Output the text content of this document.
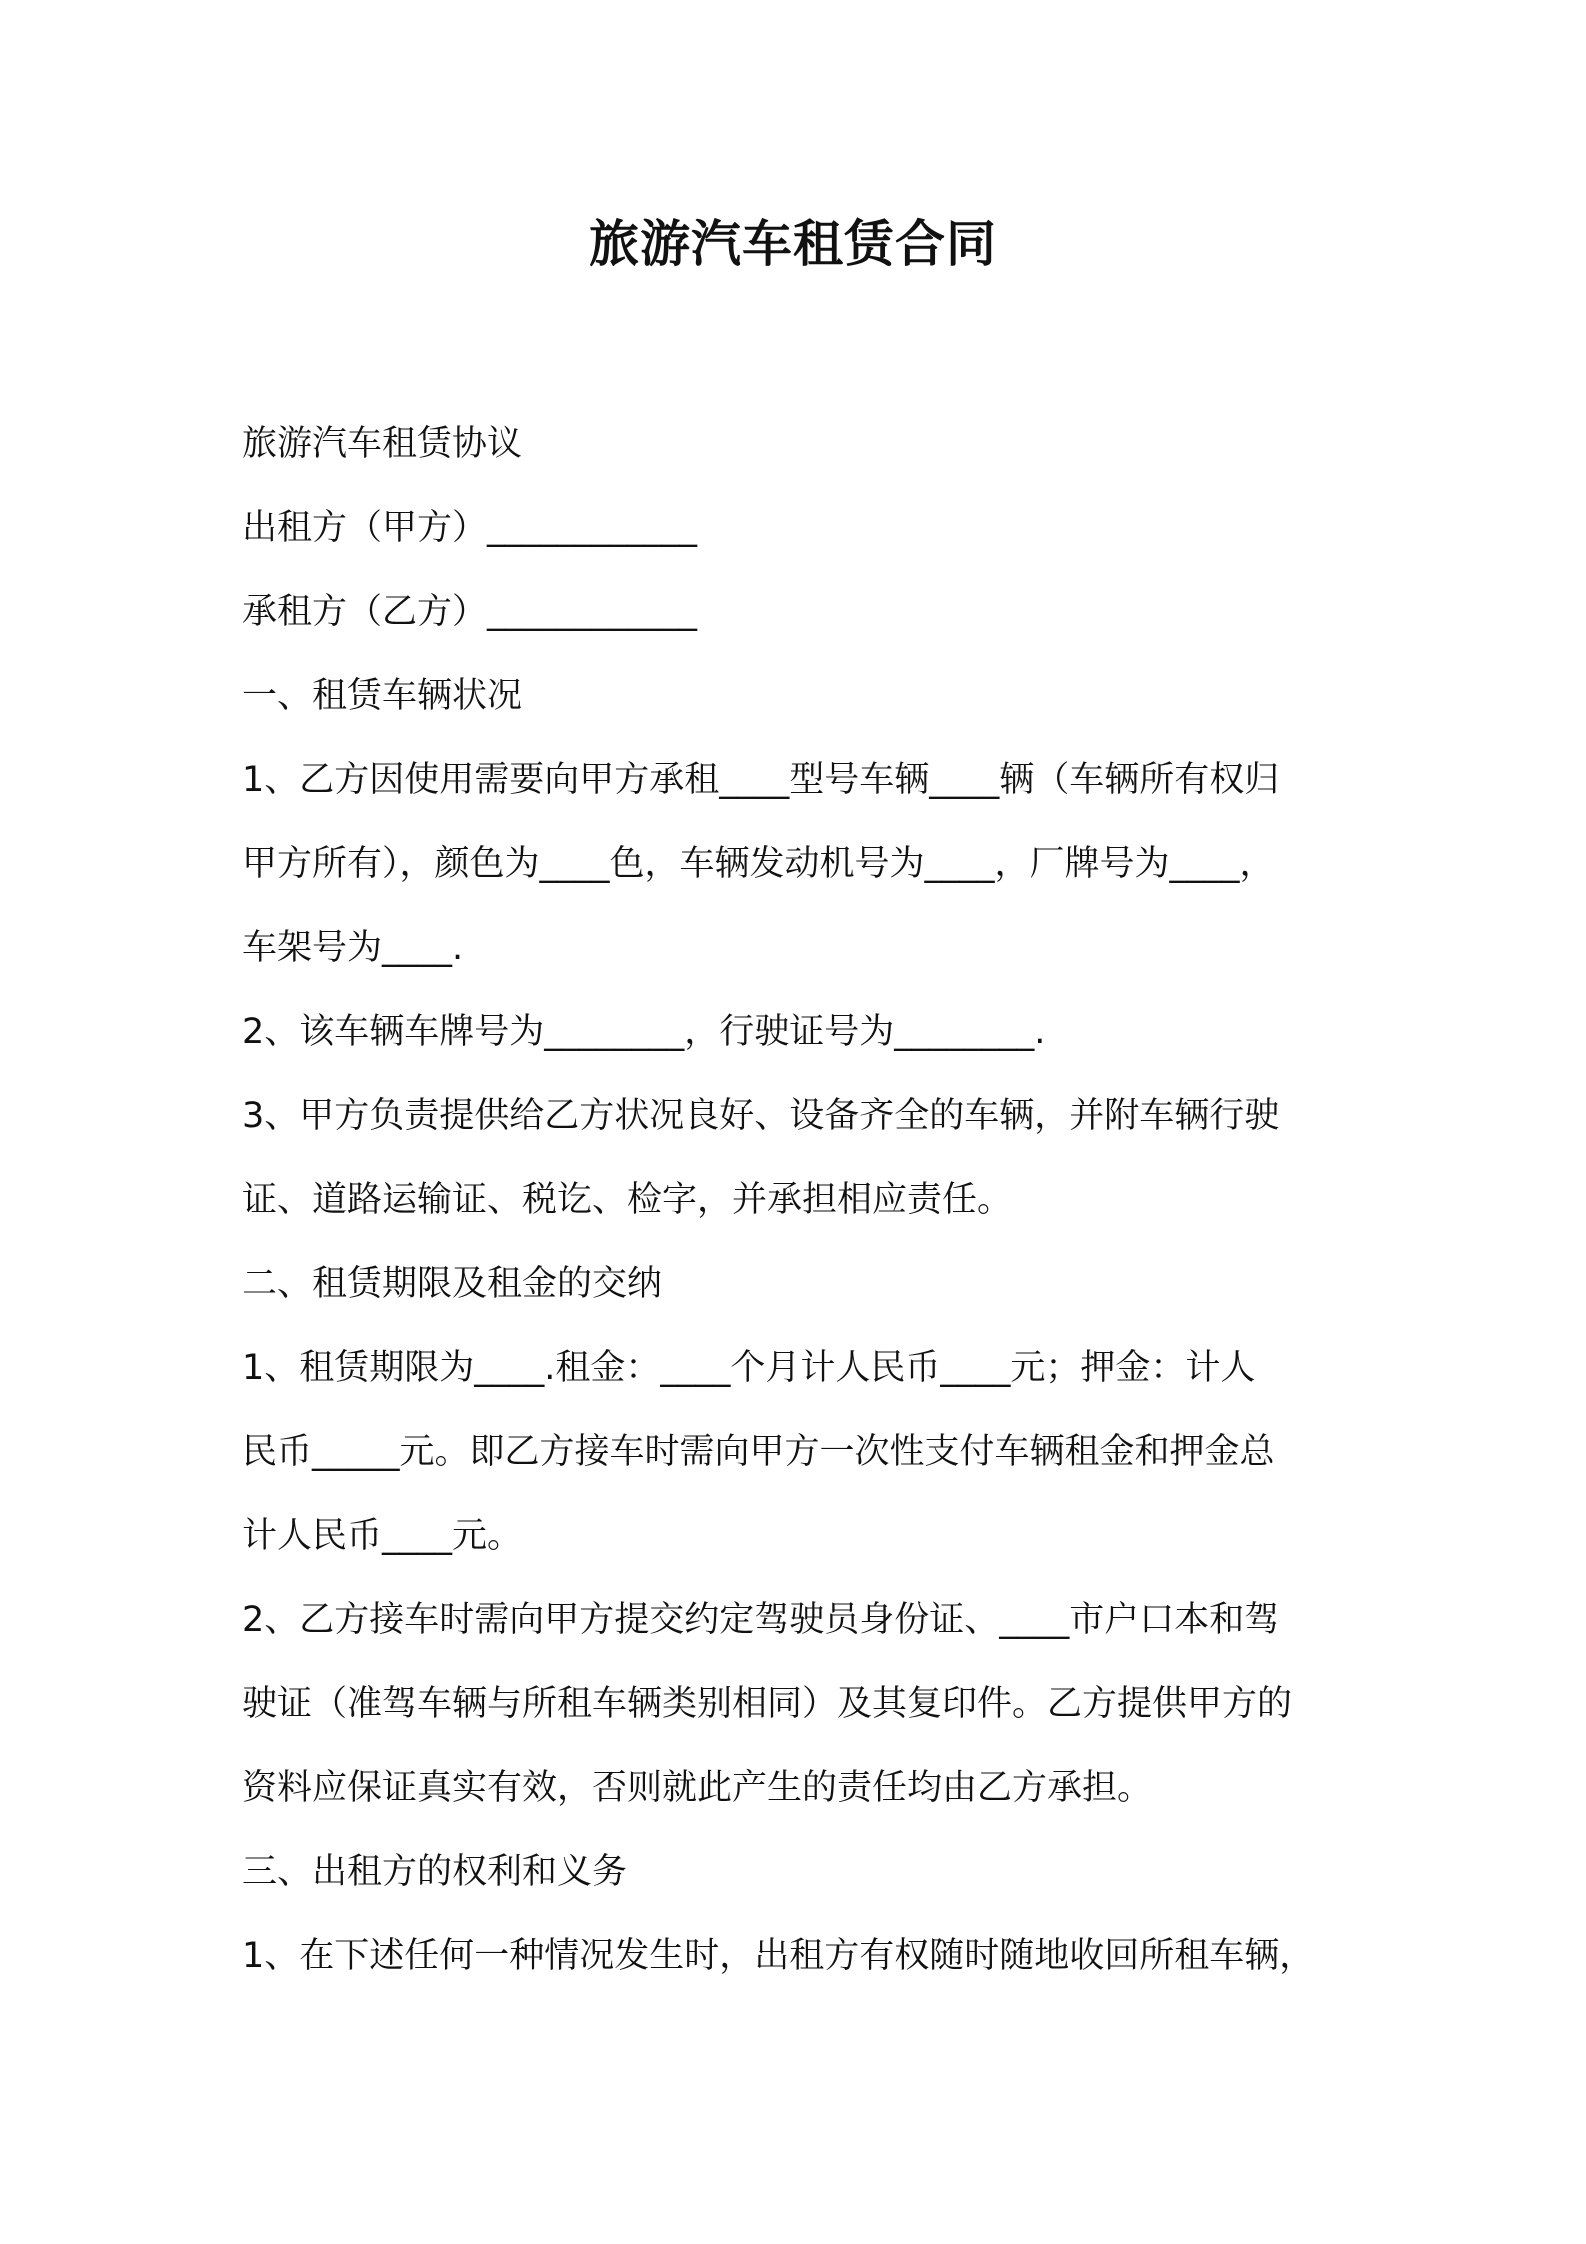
旅游汽车租赁合同
旅游汽车租赁协议
出租方（甲方）____________
承租方（乙方）____________
一、租赁车辆状况
1、乙方因使用需要向甲方承租____型号车辆____辆（车辆所有权归
甲方所有），颜色为____色，车辆发动机号为____，厂牌号为____，
车架号为____.
2、该车辆车牌号为________，行驶证号为________.
3、甲方负责提供给乙方状况良好、设备齐全的车辆，并附车辆行驶
证、道路运输证、税讫、检字，并承担相应责任。
二、租赁期限及租金的交纳
1、租赁期限为____.租金：____个月计人民币____元；押金：计人
民币_____元。即乙方接车时需向甲方一次性支付车辆租金和押金总
计人民币____元。
2、乙方接车时需向甲方提交约定驾驶员身份证、____市户口本和驾
驶证（准驾车辆与所租车辆类别相同）及其复印件。乙方提供甲方的
资料应保证真实有效，否则就此产生的责任均由乙方承担。
三、出租方的权利和义务
1、在下述任何一种情况发生时，出租方有权随时随地收回所租车辆，
